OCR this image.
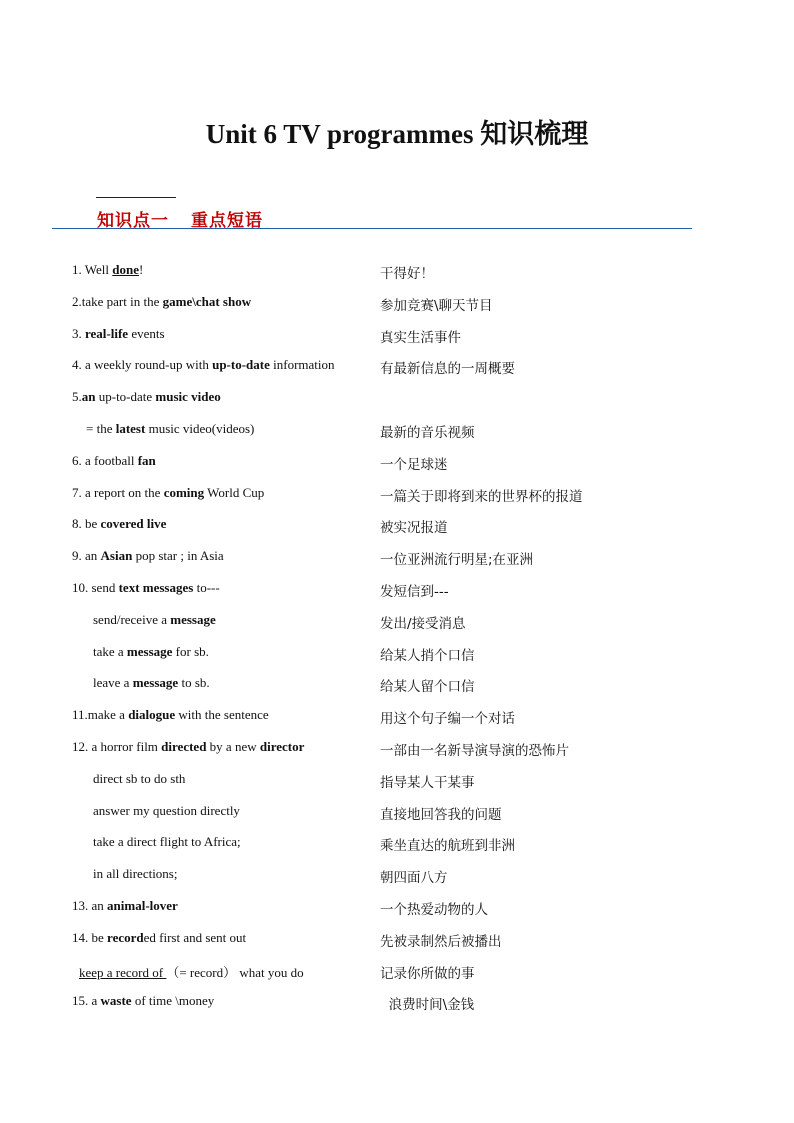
Unit 6 TV programmes 知识梳理
知识点一 重点短语
1. Well done!	干得好！
2.take part in the game\chat show	参加竞赛\聊天节目
3. real-life events	真实生活事件
4. a weekly round-up with up-to-date information	有最新信息的一周概要
5.an up-to-date music video
= the latest music video(videos)	最新的音乐视频
6. a football fan	一个足球迷
7. a report on the coming World Cup	一篇关于即将到来的世界杯的报道
8. be covered live	被实况报道
9. an Asian pop star ; in Asia	一位亚洲流行明星;在亚洲
10. send text messages to---	发短信到---
send/receive a message	发出/接受消息
take a message for sb.	给某人捎个口信
leave a message to sb.	给某人留个口信
11.make a dialogue with the sentence	用这个句子编一个对话
12. a horror film directed by a new director	一部由一名新导演导演的恐怖片
direct sb to do sth	指导某人干某事
answer my question directly	直接地回答我的问题
take a direct flight to Africa;	乘坐直达的航班到非洲
in all directions;	朝四面八方
13. an animal-lover	一个热爱动物的人
14. be recorded first and sent out	先被录制然后被播出
keep a record of （= record） what you do	记录你所做的事
15. a waste of time \money	浪费时间\金钱
